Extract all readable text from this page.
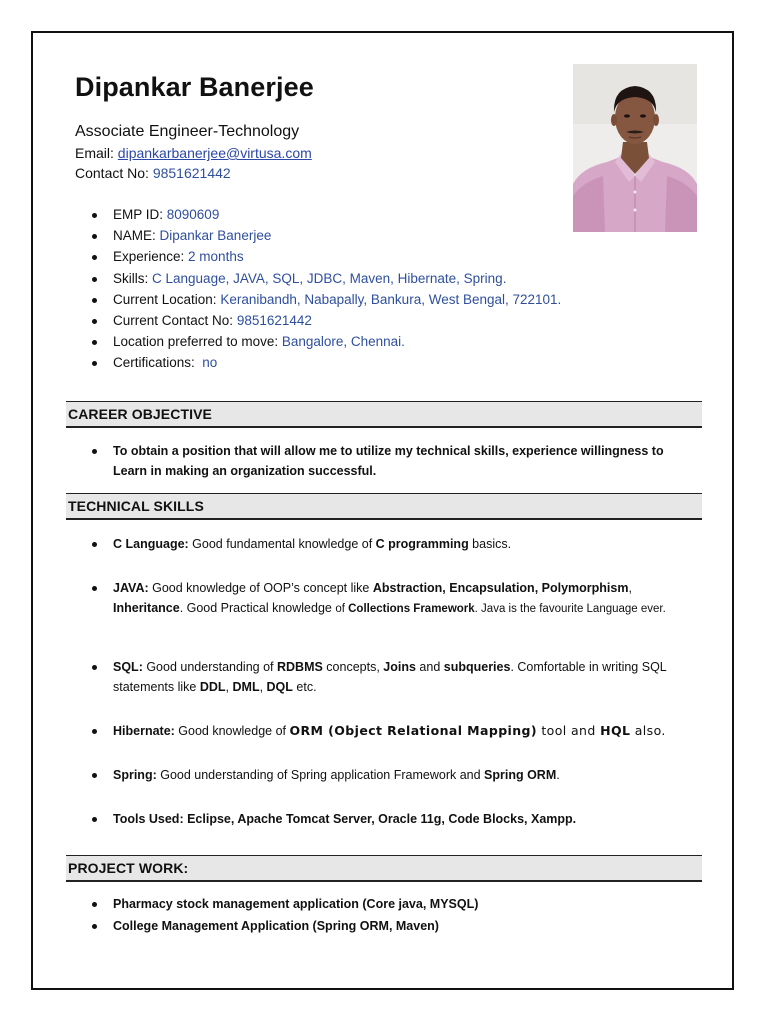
Dipankar Banerjee
Associate Engineer-Technology
Email: dipankarbanerjee@virtusa.com
Contact No: 9851621442
EMP ID: 8090609
NAME: Dipankar Banerjee
Experience: 2 months
Skills: C Language, JAVA, SQL, JDBC, Maven, Hibernate, Spring.
Current Location: Keranibandh, Nabapally, Bankura, West Bengal, 722101.
Current Contact No: 9851621442
Location preferred to move: Bangalore, Chennai.
Certifications:  no
CAREER OBJECTIVE
To obtain a position that will allow me to utilize my technical skills, experience willingness to Learn in making an organization successful.
TECHNICAL SKILLS
C Language: Good fundamental knowledge of C programming basics.
JAVA: Good knowledge of OOP’s concept like Abstraction, Encapsulation, Polymorphism, Inheritance. Good Practical knowledge of Collections Framework. Java is the favourite Language ever.
SQL: Good understanding of RDBMS concepts, Joins and subqueries. Comfortable in writing SQL statements like DDL, DML, DQL etc.
Hibernate: Good knowledge of ORM (Object Relational Mapping) tool and HQL also.
Spring: Good understanding of Spring application Framework and Spring ORM.
Tools Used: Eclipse, Apache Tomcat Server, Oracle 11g, Code Blocks, Xampp.
PROJECT WORK:
Pharmacy stock management application (Core java, MYSQL)
College Management Application (Spring ORM, Maven)
